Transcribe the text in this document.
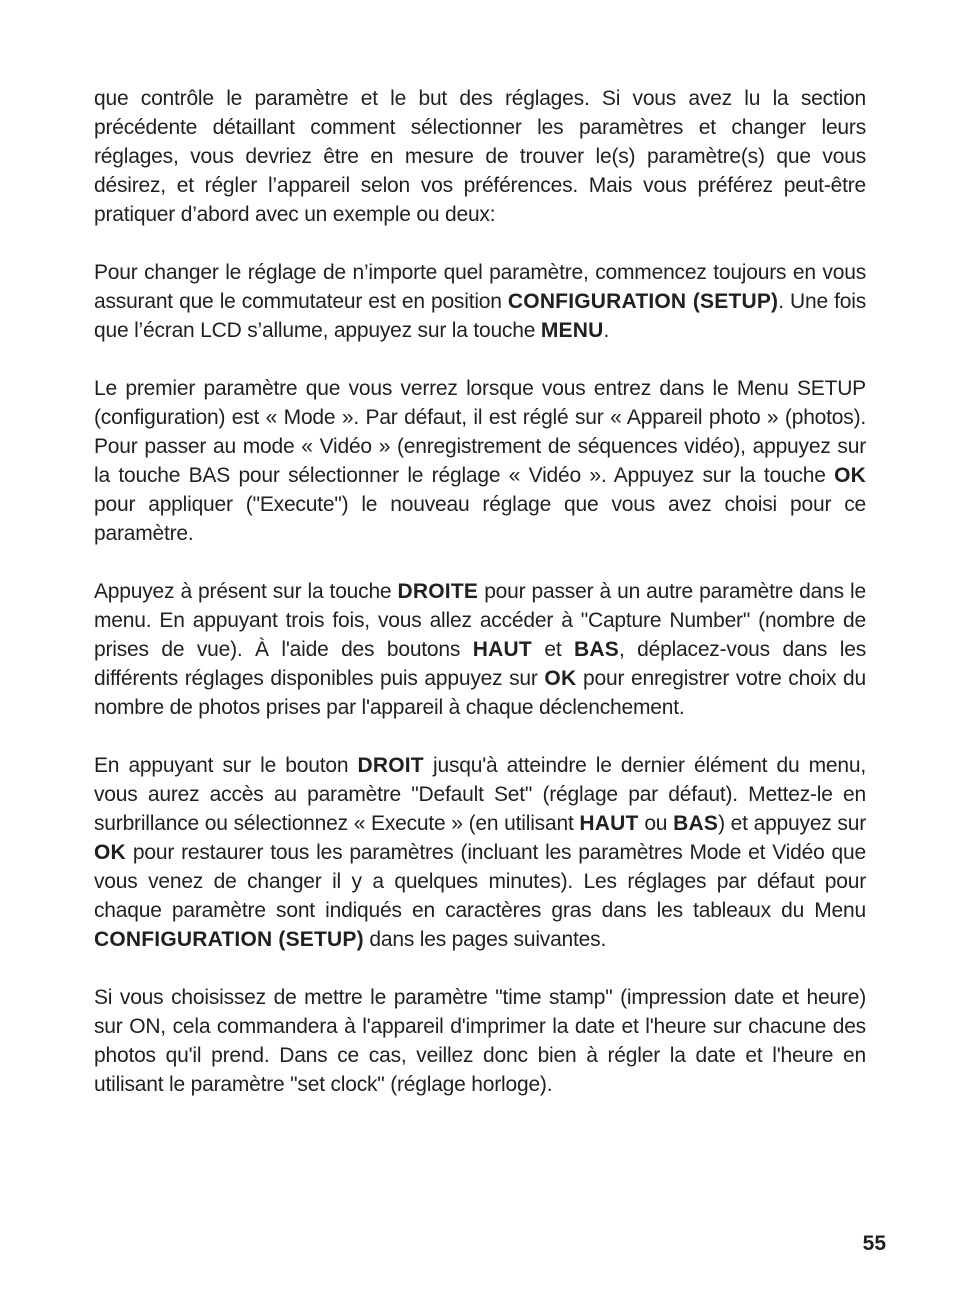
que contrôle le paramètre et le but des réglages. Si vous avez lu la section précédente détaillant comment sélectionner les paramètres et changer leurs réglages, vous devriez être en mesure de trouver le(s) paramètre(s) que vous désirez, et régler l’appareil selon vos préférences. Mais vous préférez peut-être pratiquer d’abord avec un exemple ou deux:

Pour changer le réglage de n’importe quel paramètre, commencez toujours en vous assurant que le commutateur est en position CONFIGURATION (SETUP). Une fois que l’écran LCD s’allume, appuyez sur la touche MENU.

Le premier paramètre que vous verrez lorsque vous entrez dans le Menu SETUP (configuration) est « Mode ». Par défaut, il est réglé sur « Appareil photo » (photos). Pour passer au mode « Vidéo » (enregistrement de séquences vidéo), appuyez sur la touche BAS pour sélectionner le réglage « Vidéo ». Appuyez sur la touche OK pour appliquer ("Execute") le nouveau réglage que vous avez choisi pour ce paramètre.

Appuyez à présent sur la touche DROITE pour passer à un autre paramètre dans le menu. En appuyant trois fois, vous allez accéder à "Capture Number" (nombre de prises de vue). À l'aide des boutons HAUT et BAS, déplacez-vous dans les différents réglages disponibles puis appuyez sur OK pour enregistrer votre choix du nombre de photos prises par l'appareil à chaque déclenchement.

En appuyant sur le bouton DROIT jusqu'à atteindre le dernier élément du menu, vous aurez accès au paramètre "Default Set" (réglage par défaut). Mettez-le en surbrillance ou sélectionnez « Execute » (en utilisant HAUT ou BAS) et appuyez sur OK pour restaurer tous les paramètres (incluant les paramètres Mode et Vidéo que vous venez de changer il y a quelques minutes). Les réglages par défaut pour chaque paramètre sont indiqués en caractères gras dans les tableaux du Menu CONFIGURATION (SETUP) dans les pages suivantes.

Si vous choisissez de mettre le paramètre "time stamp" (impression date et heure) sur ON, cela commandera à l'appareil d'imprimer la date et l'heure sur chacune des photos qu'il prend. Dans ce cas, veillez donc bien à régler la date et l'heure en utilisant le paramètre "set clock" (réglage horloge).

55
